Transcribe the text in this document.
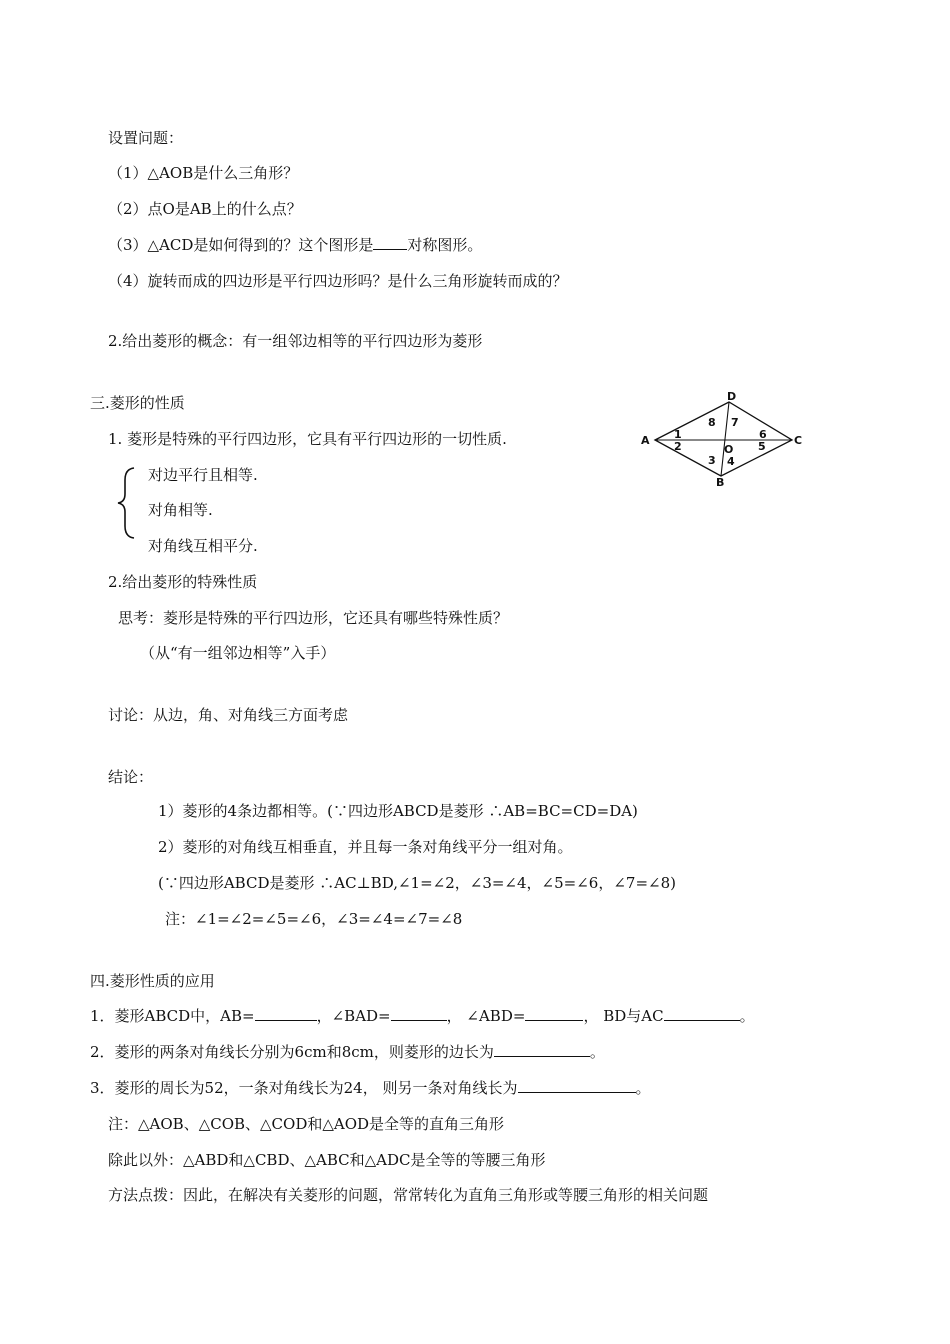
设置问题：
（1）△AOB是什么三角形？
（2）点O是AB上的什么点？
（3）△ACD是如何得到的？这个图形是 对称图形。
（4）旋转而成的四边形是平行四边形吗？是什么三角形旋转而成的？
2.给出菱形的概念：有一组邻边相等的平行四边形为菱形
三.菱形的性质
1. 菱形是特殊的平行四边形，它具有平行四边形的一切性质.
对边平行且相等.
对角相等.
对角线互相平分.
2.给出菱形的特殊性质
思考：菱形是特殊的平行四边形，它还具有哪些特殊性质？
（从“有一组邻边相等”入手）
讨论：从边，角、对角线三方面考虑
结论：
1）菱形的4条边都相等。(∵四边形ABCD是菱形 ∴AB=BC=CD=DA)
2）菱形的对角线互相垂直，并且每一条对角线平分一组对角。
(∵四边形ABCD是菱形 ∴AC⊥BD,∠1=∠2，∠3=∠4，∠5=∠6，∠7=∠8)
注：∠1=∠2=∠5=∠6，∠3=∠4=∠7=∠8
D
A	C
B
O
1
2
3 4
5
6
7
8
四.菱形性质的应用
1．菱形ABCD中，AB=	，∠BAD=	， ∠ABD=	， BD与AC	。
2．菱形的两条对角线长分别为6cm和8cm，则菱形的边长为	。
3．菱形的周长为52，一条对角线长为24， 则另一条对角线长为	。
注：△AOB、△COB、△COD和△AOD是全等的直角三角形
除此以外：△ABD和△CBD、△ABC和△ADC是全等的等腰三角形
方法点拨：因此，在解决有关菱形的问题，常常转化为直角三角形或等腰三角形的相关问题
